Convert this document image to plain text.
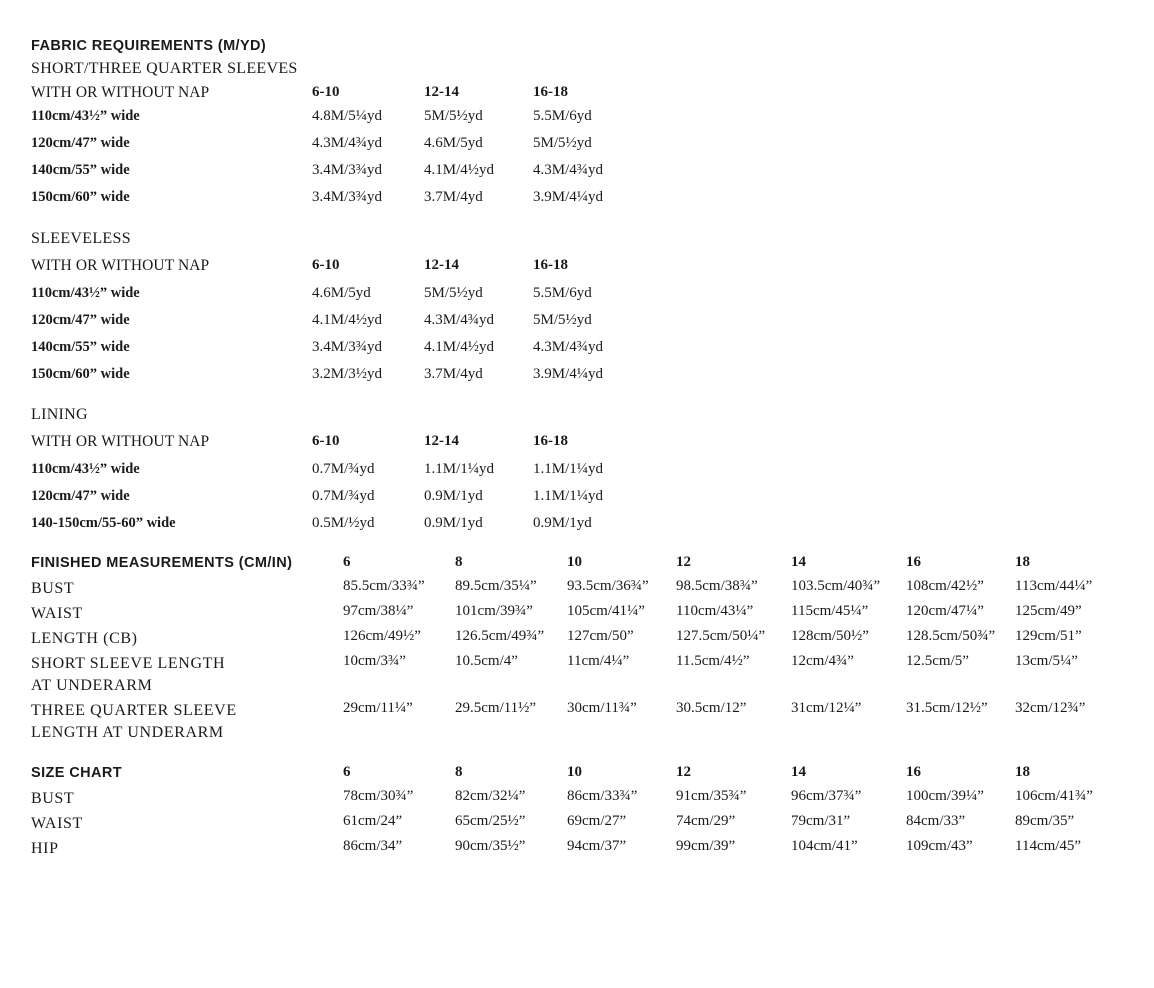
FABRIC REQUIREMENTS (M/YD)
SHORT/THREE QUARTER SLEEVES
WITH OR WITHOUT NAP	6-10	12-14	16-18
110cm/43½” wide	4.8M/5¼yd	5M/5½yd	5.5M/6yd
120cm/47” wide	4.3M/4¾yd	4.6M/5yd	5M/5½yd
140cm/55” wide	3.4M/3¾yd	4.1M/4½yd	4.3M/4¾yd
150cm/60” wide	3.4M/3¾yd	3.7M/4yd	3.9M/4¼yd
SLEEVELESS
WITH OR WITHOUT NAP	6-10	12-14	16-18
110cm/43½” wide	4.6M/5yd	5M/5½yd	5.5M/6yd
120cm/47” wide	4.1M/4½yd	4.3M/4¾yd	5M/5½yd
140cm/55” wide	3.4M/3¾yd	4.1M/4½yd	4.3M/4¾yd
150cm/60” wide	3.2M/3½yd	3.7M/4yd	3.9M/4¼yd
LINING
WITH OR WITHOUT NAP	6-10	12-14	16-18
110cm/43½” wide	0.7M/¾yd	1.1M/1¼yd	1.1M/1¼yd
120cm/47” wide	0.7M/¾yd	0.9M/1yd	1.1M/1¼yd
140-150cm/55-60” wide	0.5M/½yd	0.9M/1yd	0.9M/1yd
FINISHED MEASUREMENTS (CM/IN)	6	8	10	12	14	16	18
BUST	85.5cm/33¾” 89.5cm/35¼” 93.5cm/36¾” 98.5cm/38¾” 103.5cm/40¾” 108cm/42½” 113cm/44¼”
WAIST	97cm/38¼”	101cm/39¾” 105cm/41¼” 110cm/43¼”	115cm/45¼”	120cm/47¼” 125cm/49”
LENGTH (CB)	126cm/49½” 126.5cm/49¾” 127cm/50”	127.5cm/50¼” 128cm/50½” 128.5cm/50¾” 129cm/51”
SHORT SLEEVE LENGTH
AT UNDERARM
10cm/3¾”	10.5cm/4”	11cm/4¼”	11.5cm/4½”	12cm/4¾”	12.5cm/5”	13cm/5¼”
THREE QUARTER SLEEVE
LENGTH AT UNDERARM
29cm/11¼”	29.5cm/11½” 30cm/11¾”	30.5cm/12”	31cm/12¼”	31.5cm/12½” 32cm/12¾”
SIZE CHART	6	8	10	12	14	16	18
BUST	78cm/30¾”	82cm/32¼”	86cm/33¾”	91cm/35¾”	96cm/37¾”	100cm/39¼” 106cm/41¾”
WAIST	61cm/24”	65cm/25½”	69cm/27”	74cm/29”	79cm/31”	84cm/33”	89cm/35”
HIP	86cm/34”	90cm/35½”	94cm/37”	99cm/39”	104cm/41”	109cm/43”	114cm/45”
